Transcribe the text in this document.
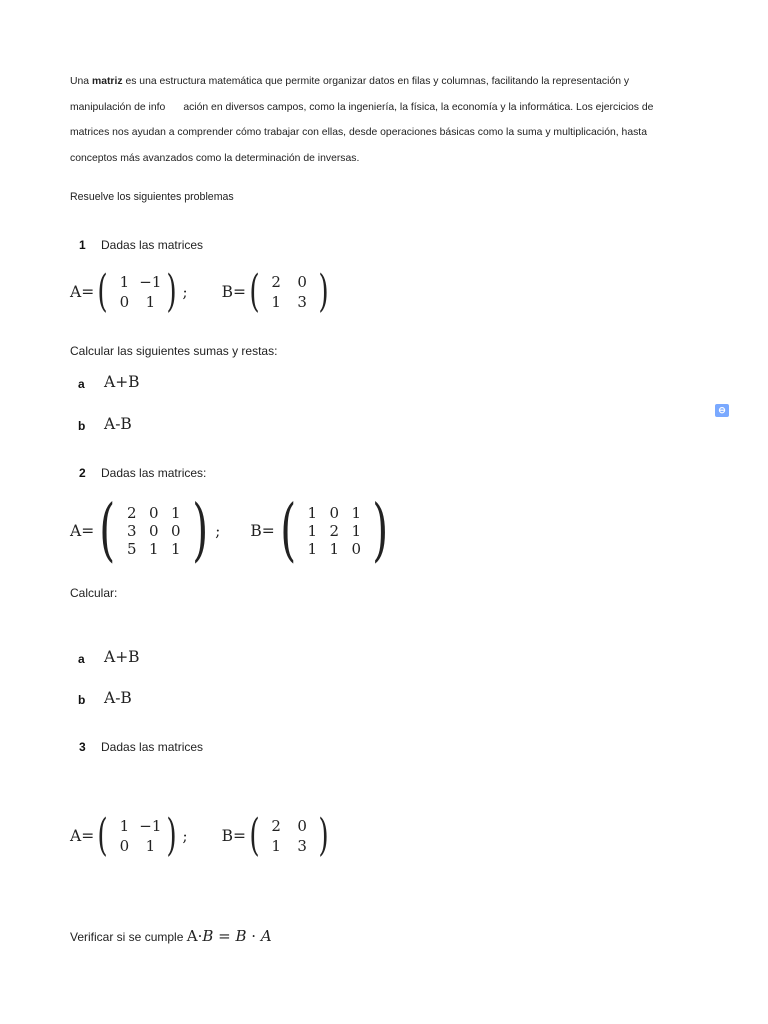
Una matriz es una estructura matemática que permite organizar datos en filas y columnas, facilitando la representación y manipulación de info ación en diversos campos, como la ingeniería, la física, la economía y la informática. Los ejercicios de matrices nos ayudan a comprender cómo trabajar con ellas, desde operaciones básicas como la suma y multiplicación, hasta conceptos más avanzados como la determinación de inversas.
Resuelve los siguientes problemas
1 Dadas las matrices
A= ( 1 −1
0	1 ) ; B= ( 2	0
1	3 )
Calcular las siguientes sumas y restas:
a A+B
b A-B
⊖
2 Dadas las matrices:
A= ( 2 0 1
3 0 0
5 1 1 ) ; B= ( 1 0 1
1 2 1
1 1 0 )
Calcular:
a A+B
b A-B
3 Dadas las matrices
A= ( 1 −1
0	1 ) ; B= ( 2	0
1	3 )
Verificar si se cumple A·B = B · A
